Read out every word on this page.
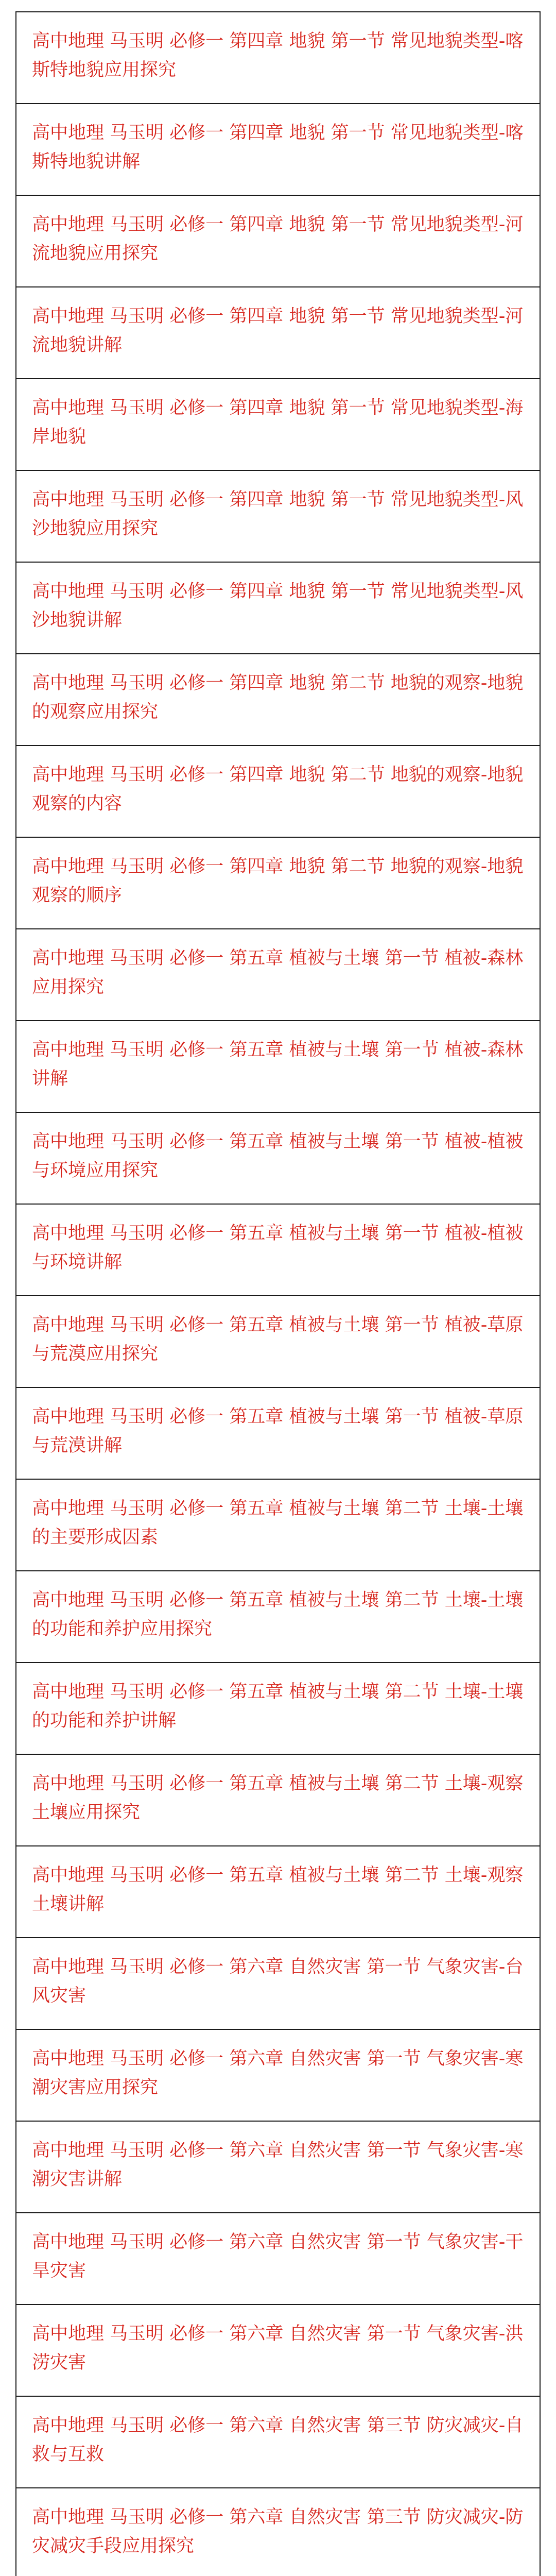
高中地理 马玉明 必修一 第四章 地貌 第一节 常见地貌类型-喀斯特地貌应用探究
高中地理 马玉明 必修一 第四章 地貌 第一节 常见地貌类型-喀斯特地貌讲解
高中地理 马玉明 必修一 第四章 地貌 第一节 常见地貌类型-河流地貌应用探究
高中地理 马玉明 必修一 第四章 地貌 第一节 常见地貌类型-河流地貌讲解
高中地理 马玉明 必修一 第四章 地貌 第一节 常见地貌类型-海岸地貌
高中地理 马玉明 必修一 第四章 地貌 第一节 常见地貌类型-风沙地貌应用探究
高中地理 马玉明 必修一 第四章 地貌 第一节 常见地貌类型-风沙地貌讲解
高中地理 马玉明 必修一 第四章 地貌 第二节 地貌的观察-地貌的观察应用探究
高中地理 马玉明 必修一 第四章 地貌 第二节 地貌的观察-地貌观察的内容
高中地理 马玉明 必修一 第四章 地貌 第二节 地貌的观察-地貌观察的顺序
高中地理 马玉明 必修一 第五章 植被与土壤 第一节 植被-森林应用探究
高中地理 马玉明 必修一 第五章 植被与土壤 第一节 植被-森林讲解
高中地理 马玉明 必修一 第五章 植被与土壤 第一节 植被-植被与环境应用探究
高中地理 马玉明 必修一 第五章 植被与土壤 第一节 植被-植被与环境讲解
高中地理 马玉明 必修一 第五章 植被与土壤 第一节 植被-草原与荒漠应用探究
高中地理 马玉明 必修一 第五章 植被与土壤 第一节 植被-草原与荒漠讲解
高中地理 马玉明 必修一 第五章 植被与土壤 第二节 土壤-土壤的主要形成因素
高中地理 马玉明 必修一 第五章 植被与土壤 第二节 土壤-土壤的功能和养护应用探究
高中地理 马玉明 必修一 第五章 植被与土壤 第二节 土壤-土壤的功能和养护讲解
高中地理 马玉明 必修一 第五章 植被与土壤 第二节 土壤-观察土壤应用探究
高中地理 马玉明 必修一 第五章 植被与土壤 第二节 土壤-观察土壤讲解
高中地理 马玉明 必修一 第六章 自然灾害 第一节 气象灾害-台风灾害
高中地理 马玉明 必修一 第六章 自然灾害 第一节 气象灾害-寒潮灾害应用探究
高中地理 马玉明 必修一 第六章 自然灾害 第一节 气象灾害-寒潮灾害讲解
高中地理 马玉明 必修一 第六章 自然灾害 第一节 气象灾害-干旱灾害
高中地理 马玉明 必修一 第六章 自然灾害 第一节 气象灾害-洪涝灾害
高中地理 马玉明 必修一 第六章 自然灾害 第三节 防灾减灾-自救与互救
高中地理 马玉明 必修一 第六章 自然灾害 第三节 防灾减灾-防灾减灾手段应用探究
